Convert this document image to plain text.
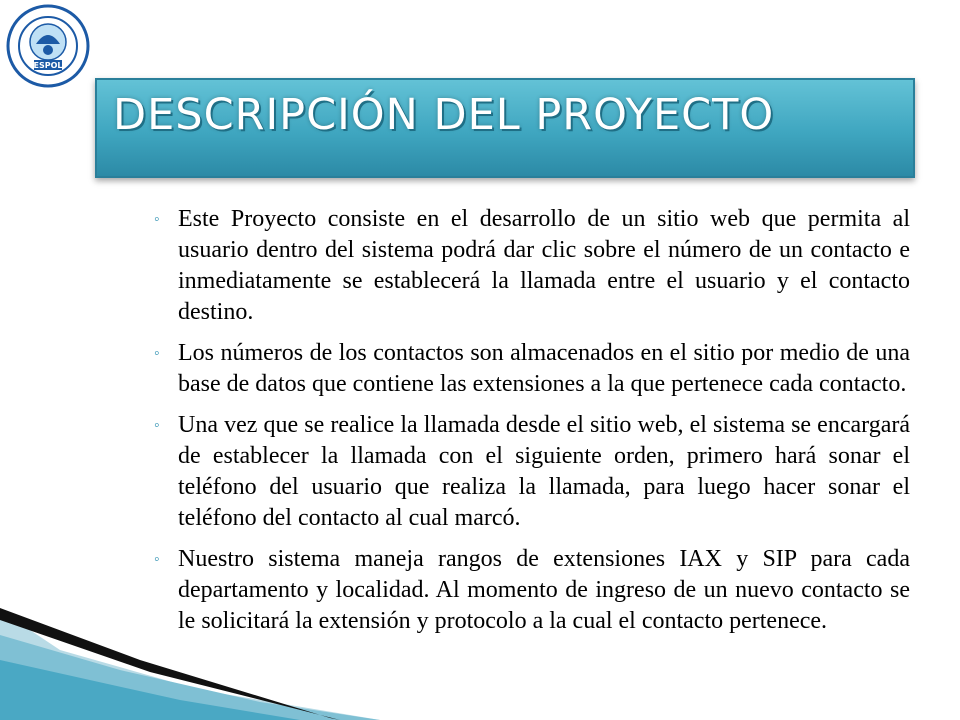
ESPOL
DESCRIPCIÓN DEL PROYECTO
◦ Este Proyecto consiste en el desarrollo de un sitio web que permita al usuario dentro del sistema podrá dar clic sobre el número de un contacto e inmediatamente se establecerá la llamada entre el usuario y el contacto destino.
◦ Los números de los contactos son almacenados en el sitio por medio de una base de datos que contiene las extensiones a la que pertenece cada contacto.
◦ Una vez que se realice la llamada desde el sitio web, el sistema se encargará de establecer la llamada con el siguiente orden, primero hará sonar el teléfono del usuario que realiza la llamada, para luego hacer sonar el teléfono del contacto al cual marcó.
◦ Nuestro sistema maneja rangos de extensiones IAX y SIP para cada departamento y localidad. Al momento de ingreso de un nuevo contacto se le solicitará la extensión y protocolo a la cual el contacto pertenece.
